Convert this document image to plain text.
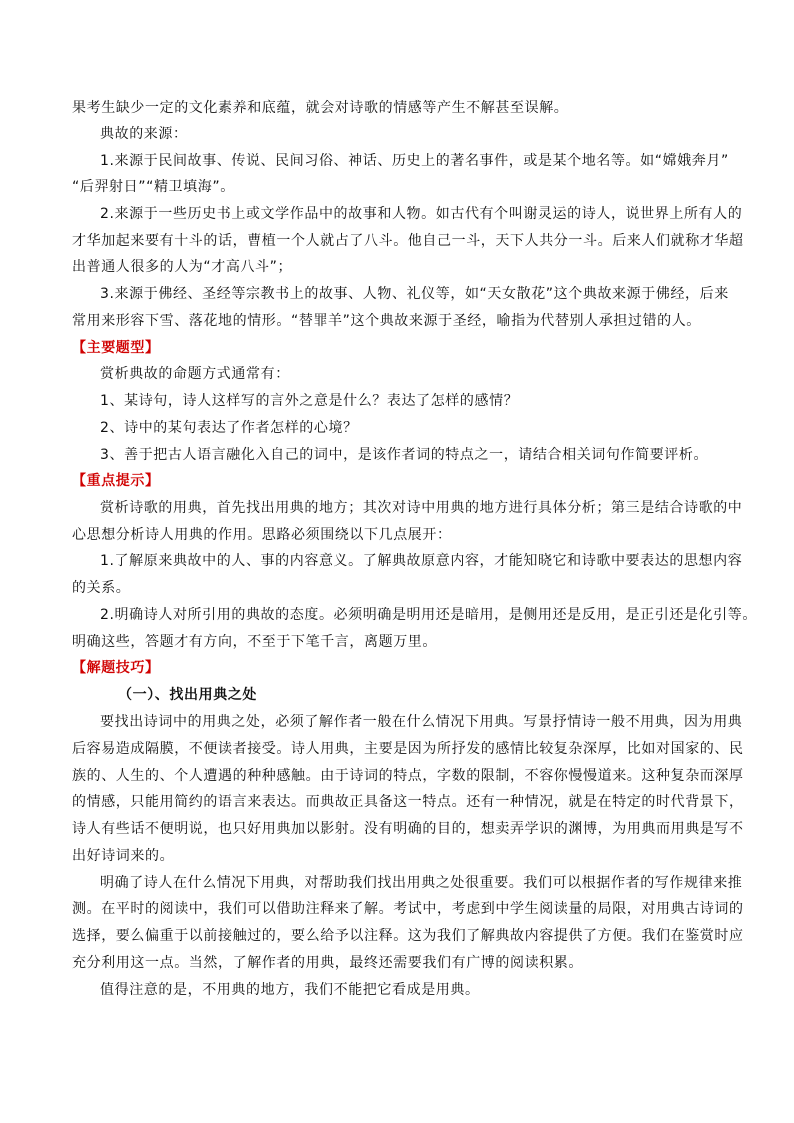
果考生缺少一定的文化素养和底蕴，就会对诗歌的情感等产生不解甚至误解。
典故的来源：
1.来源于民间故事、传说、民间习俗、神话、历史上的著名事件，或是某个地名等。如“嫦娥奔月”
“后羿射日”“精卫填海”。
2.来源于一些历史书上或文学作品中的故事和人物。如古代有个叫谢灵运的诗人，说世界上所有人的
才华加起来要有十斗的话，曹植一个人就占了八斗。他自己一斗，天下人共分一斗。后来人们就称才华超
出普通人很多的人为“才高八斗”；
3.来源于佛经、圣经等宗教书上的故事、人物、礼仪等，如“天女散花”这个典故来源于佛经，后来
常用来形容下雪、落花地的情形。“替罪羊”这个典故来源于圣经，喻指为代替别人承担过错的人。
【主要题型】
赏析典故的命题方式通常有：
1、某诗句，诗人这样写的言外之意是什么？表达了怎样的感情？
2、诗中的某句表达了作者怎样的心境？
3、善于把古人语言融化入自己的词中，是该作者词的特点之一，请结合相关词句作简要评析。
【重点提示】
赏析诗歌的用典，首先找出用典的地方；其次对诗中用典的地方进行具体分析；第三是结合诗歌的中
心思想分析诗人用典的作用。思路必须围绕以下几点展开：
1.了解原来典故中的人、事的内容意义。了解典故原意内容，才能知晓它和诗歌中要表达的思想内容
的关系。
2.明确诗人对所引用的典故的态度。必须明确是明用还是暗用，是侧用还是反用，是正引还是化引等。
明确这些，答题才有方向，不至于下笔千言，离题万里。
【解题技巧】
（一）、找出用典之处
要找出诗词中的用典之处，必须了解作者一般在什么情况下用典。写景抒情诗一般不用典，因为用典
后容易造成隔膜，不便读者接受。诗人用典，主要是因为所抒发的感情比较复杂深厚，比如对国家的、民
族的、人生的、个人遭遇的种种感触。由于诗词的特点，字数的限制，不容你慢慢道来。这种复杂而深厚
的情感，只能用简约的语言来表达。而典故正具备这一特点。还有一种情况，就是在特定的时代背景下，
诗人有些话不便明说，也只好用典加以影射。没有明确的目的，想卖弄学识的渊博，为用典而用典是写不
出好诗词来的。
明确了诗人在什么情况下用典，对帮助我们找出用典之处很重要。我们可以根据作者的写作规律来推
测。在平时的阅读中，我们可以借助注释来了解。考试中，考虑到中学生阅读量的局限，对用典古诗词的
选择，要么偏重于以前接触过的，要么给予以注释。这为我们了解典故内容提供了方便。我们在鉴赏时应
充分利用这一点。当然，了解作者的用典，最终还需要我们有广博的阅读积累。
值得注意的是，不用典的地方，我们不能把它看成是用典。
